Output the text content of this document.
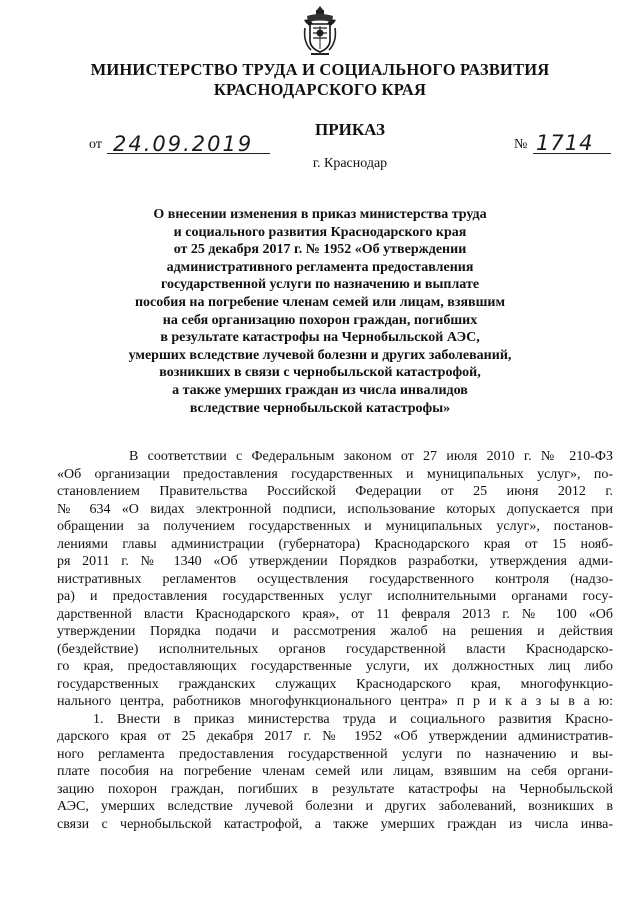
МИНИСТЕРСТВО ТРУДА И СОЦИАЛЬНОГО РАЗВИТИЯ
КРАСНОДАРСКОГО КРАЯ
ПРИКАЗ
от 24.09.2019	№ 1714
г. Краснодар
О внесении изменения в приказ министерства труда
и социального развития Краснодарского края
от 25 декабря 2017 г. № 1952 «Об утверждении
административного регламента предоставления
государственной услуги по назначению и выплате
пособия на погребение членам семей или лицам, взявшим
на себя организацию похорон граждан, погибших
в результате катастрофы на Чернобыльской АЭС,
умерших вследствие лучевой болезни и других заболеваний,
возникших в связи с чернобыльской катастрофой,
а также умерших граждан из числа инвалидов
вследствие чернобыльской катастрофы»
В соответствии с Федеральным законом от 27 июля 2010 г. № 210-ФЗ
«Об организации предоставления государственных и муниципальных услуг», по-
становлением Правительства Российской Федерации от 25 июня 2012 г.
№ 634 «О видах электронной подписи, использование которых допускается при
обращении за получением государственных и муниципальных услуг», постанов-
лениями главы администрации (губернатора) Краснодарского края от 15 нояб-
ря 2011 г. № 1340 «Об утверждении Порядков разработки, утверждения адми-
нистративных регламентов осуществления государственного контроля (надзо-
ра) и предоставления государственных услуг исполнительными органами госу-
дарственной власти Краснодарского края», от 11 февраля 2013 г. № 100 «Об
утверждении Порядка подачи и рассмотрения жалоб на решения и действия
(бездействие) исполнительных органов государственной власти Краснодарско-
го края, предоставляющих государственные услуги, их должностных лиц либо
государственных гражданских служащих Краснодарского края, многофункцио-
нального центра, работников многофункционального центра» п р и к а з ы в а ю:
1. Внести в приказ министерства труда и социального развития Красно-
дарского края от 25 декабря 2017 г. № 1952 «Об утверждении административ-
ного регламента предоставления государственной услуги по назначению и вы-
плате пособия на погребение членам семей или лицам, взявшим на себя органи-
зацию похорон граждан, погибших в результате катастрофы на Чернобыльской
АЭС, умерших вследствие лучевой болезни и других заболеваний, возникших в
связи с чернобыльской катастрофой, а также умерших граждан из числа инва-
